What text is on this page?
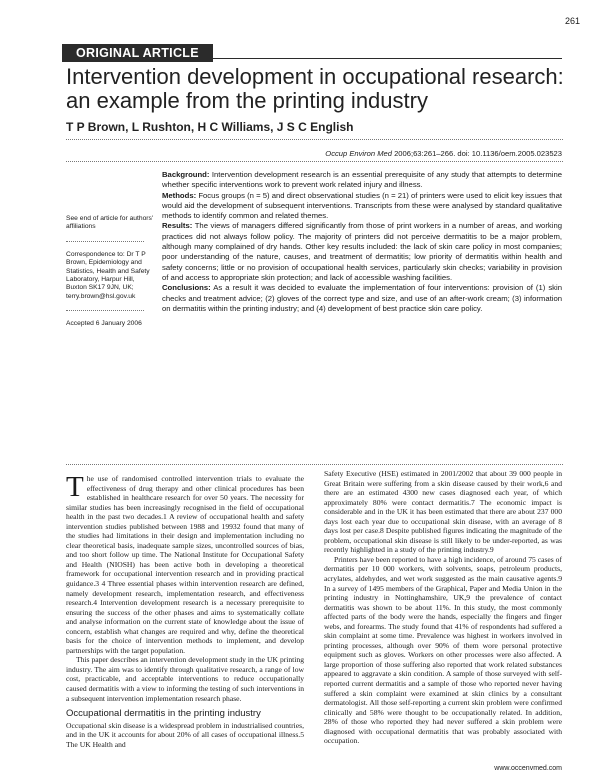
261
ORIGINAL ARTICLE
Intervention development in occupational research: an example from the printing industry
T P Brown, L Rushton, H C Williams, J S C English
Occup Environ Med 2006;63:261–266. doi: 10.1136/oem.2005.023523

Background: Intervention development research is an essential prerequisite of any study that attempts to determine whether specific interventions work to prevent work related injury and illness.

Methods: Focus groups (n = 5) and direct observational studies (n = 21) of printers were used to elicit key issues that would aid the development of subsequent interventions. Transcripts from these were analysed by standard qualitative methods to identify common and related themes.

Results: The views of managers differed significantly from those of print workers in a number of areas, and working practices did not always follow policy. The majority of printers did not perceive dermatitis to be a major problem, although many complained of dry hands. Other key results included: the lack of skin care policy in most companies; poor understanding of the nature, causes, and treatment of dermatitis; low priority of dermatitis within health and safety concerns; little or no provision of occupational health services, particularly skin checks; variability in provision of and access to appropriate skin protection; and lack of accessible washing facilities.

Conclusions: As a result it was decided to evaluate the implementation of four interventions: provision of (1) skin checks and treatment advice; (2) gloves of the correct type and size, and use of an after-work cream; (3) information on dermatitis within the printing industry; and (4) development of best practice skin care policy.

See end of article for authors' affiliations
Correspondence to: Dr T P Brown, Epidemiology and Statistics, Health and Safety Laboratory, Harpur Hill, Buxton SK17 9JN, UK; terry.brown@hsl.gov.uk
Accepted 6 January 2006

The use of randomised controlled intervention trials to evaluate the effectiveness of drug therapy and other clinical procedures has been established in healthcare research for over 50 years. The necessity for similar studies has been increasingly recognised in the field of occupational health in the past two decades.1 A review of occupational health and safety intervention studies published between 1988 and 19932 found that many of the studies had limitations in their design and implementation including no clear theoretical basis, inadequate sample sizes, uncontrolled sources of bias, and too short follow up time. The National Institute for Occupational Safety and Health (NIOSH) has been active both in developing a theoretical framework for occupational intervention research and in providing practical guidance.3 4 Three essential phases within intervention research are defined, namely development research, implementation research, and effectiveness research.4 Intervention development research is a necessary prerequisite to ensuring the success of the other phases and aims to systematically collate and analyse information on the current state of knowledge about the issue of concern, establish what changes are required and why, define the theoretical basis for the choice of intervention methods to implement, and develop partnerships with the target population.

This paper describes an intervention development study in the UK printing industry. The aim was to identify through qualitative research, a range of low cost, practicable, and acceptable interventions to reduce occupationally caused dermatitis with a view to informing the testing of such interventions in a subsequent intervention implementation research phase.

Occupational dermatitis in the printing industry

Occupational skin disease is a widespread problem in industrialised countries, and in the UK it accounts for about 20% of all cases of occupational illness.5 The UK Health and

Safety Executive (HSE) estimated in 2001/2002 that about 39 000 people in Great Britain were suffering from a skin disease caused by their work,6 and there are an estimated 4300 new cases diagnosed each year, of which approximately 80% were contact dermatitis.7 The economic impact is considerable and in the UK it has been estimated that there are about 237 000 days lost each year due to occupational skin disease, with an average of 8 days lost per case.8 Despite published figures indicating the magnitude of the problem, occupational skin disease is still likely to be under-reported, as was recently highlighted in a study of the printing industry.9

Printers have been reported to have a high incidence, of around 75 cases of dermatitis per 10 000 workers, with solvents, soaps, petroleum products, acrylates, aldehydes, and wet work suggested as the main causative agents.9 In a survey of 1495 members of the Graphical, Paper and Media Union in the printing industry in Nottinghamshire, UK,9 the prevalence of contact dermatitis was shown to be about 11%. In this study, the most commonly affected parts of the body were the hands, especially the fingers and finger webs, and forearms. The study found that 41% of respondents had suffered a skin complaint at some time. Prevalence was highest in workers involved in printing processes, although over 90% of them wore personal protective equipment such as gloves. Workers on other processes were also affected. A large proportion of those suffering also reported that work related substances appeared to aggravate a skin condition. A sample of those surveyed with self-reported current dermatitis and a sample of those who reported never having suffered a skin complaint were examined at skin clinics by a consultant dermatologist. All those self-reporting a current skin problem were confirmed clinically and 58% were thought to be occupationally related. In addition, 28% of those who reported they had never suffered a skin problem were diagnosed with occupational dermatitis that was probably associated with occupation.

www.occenvmed.com
